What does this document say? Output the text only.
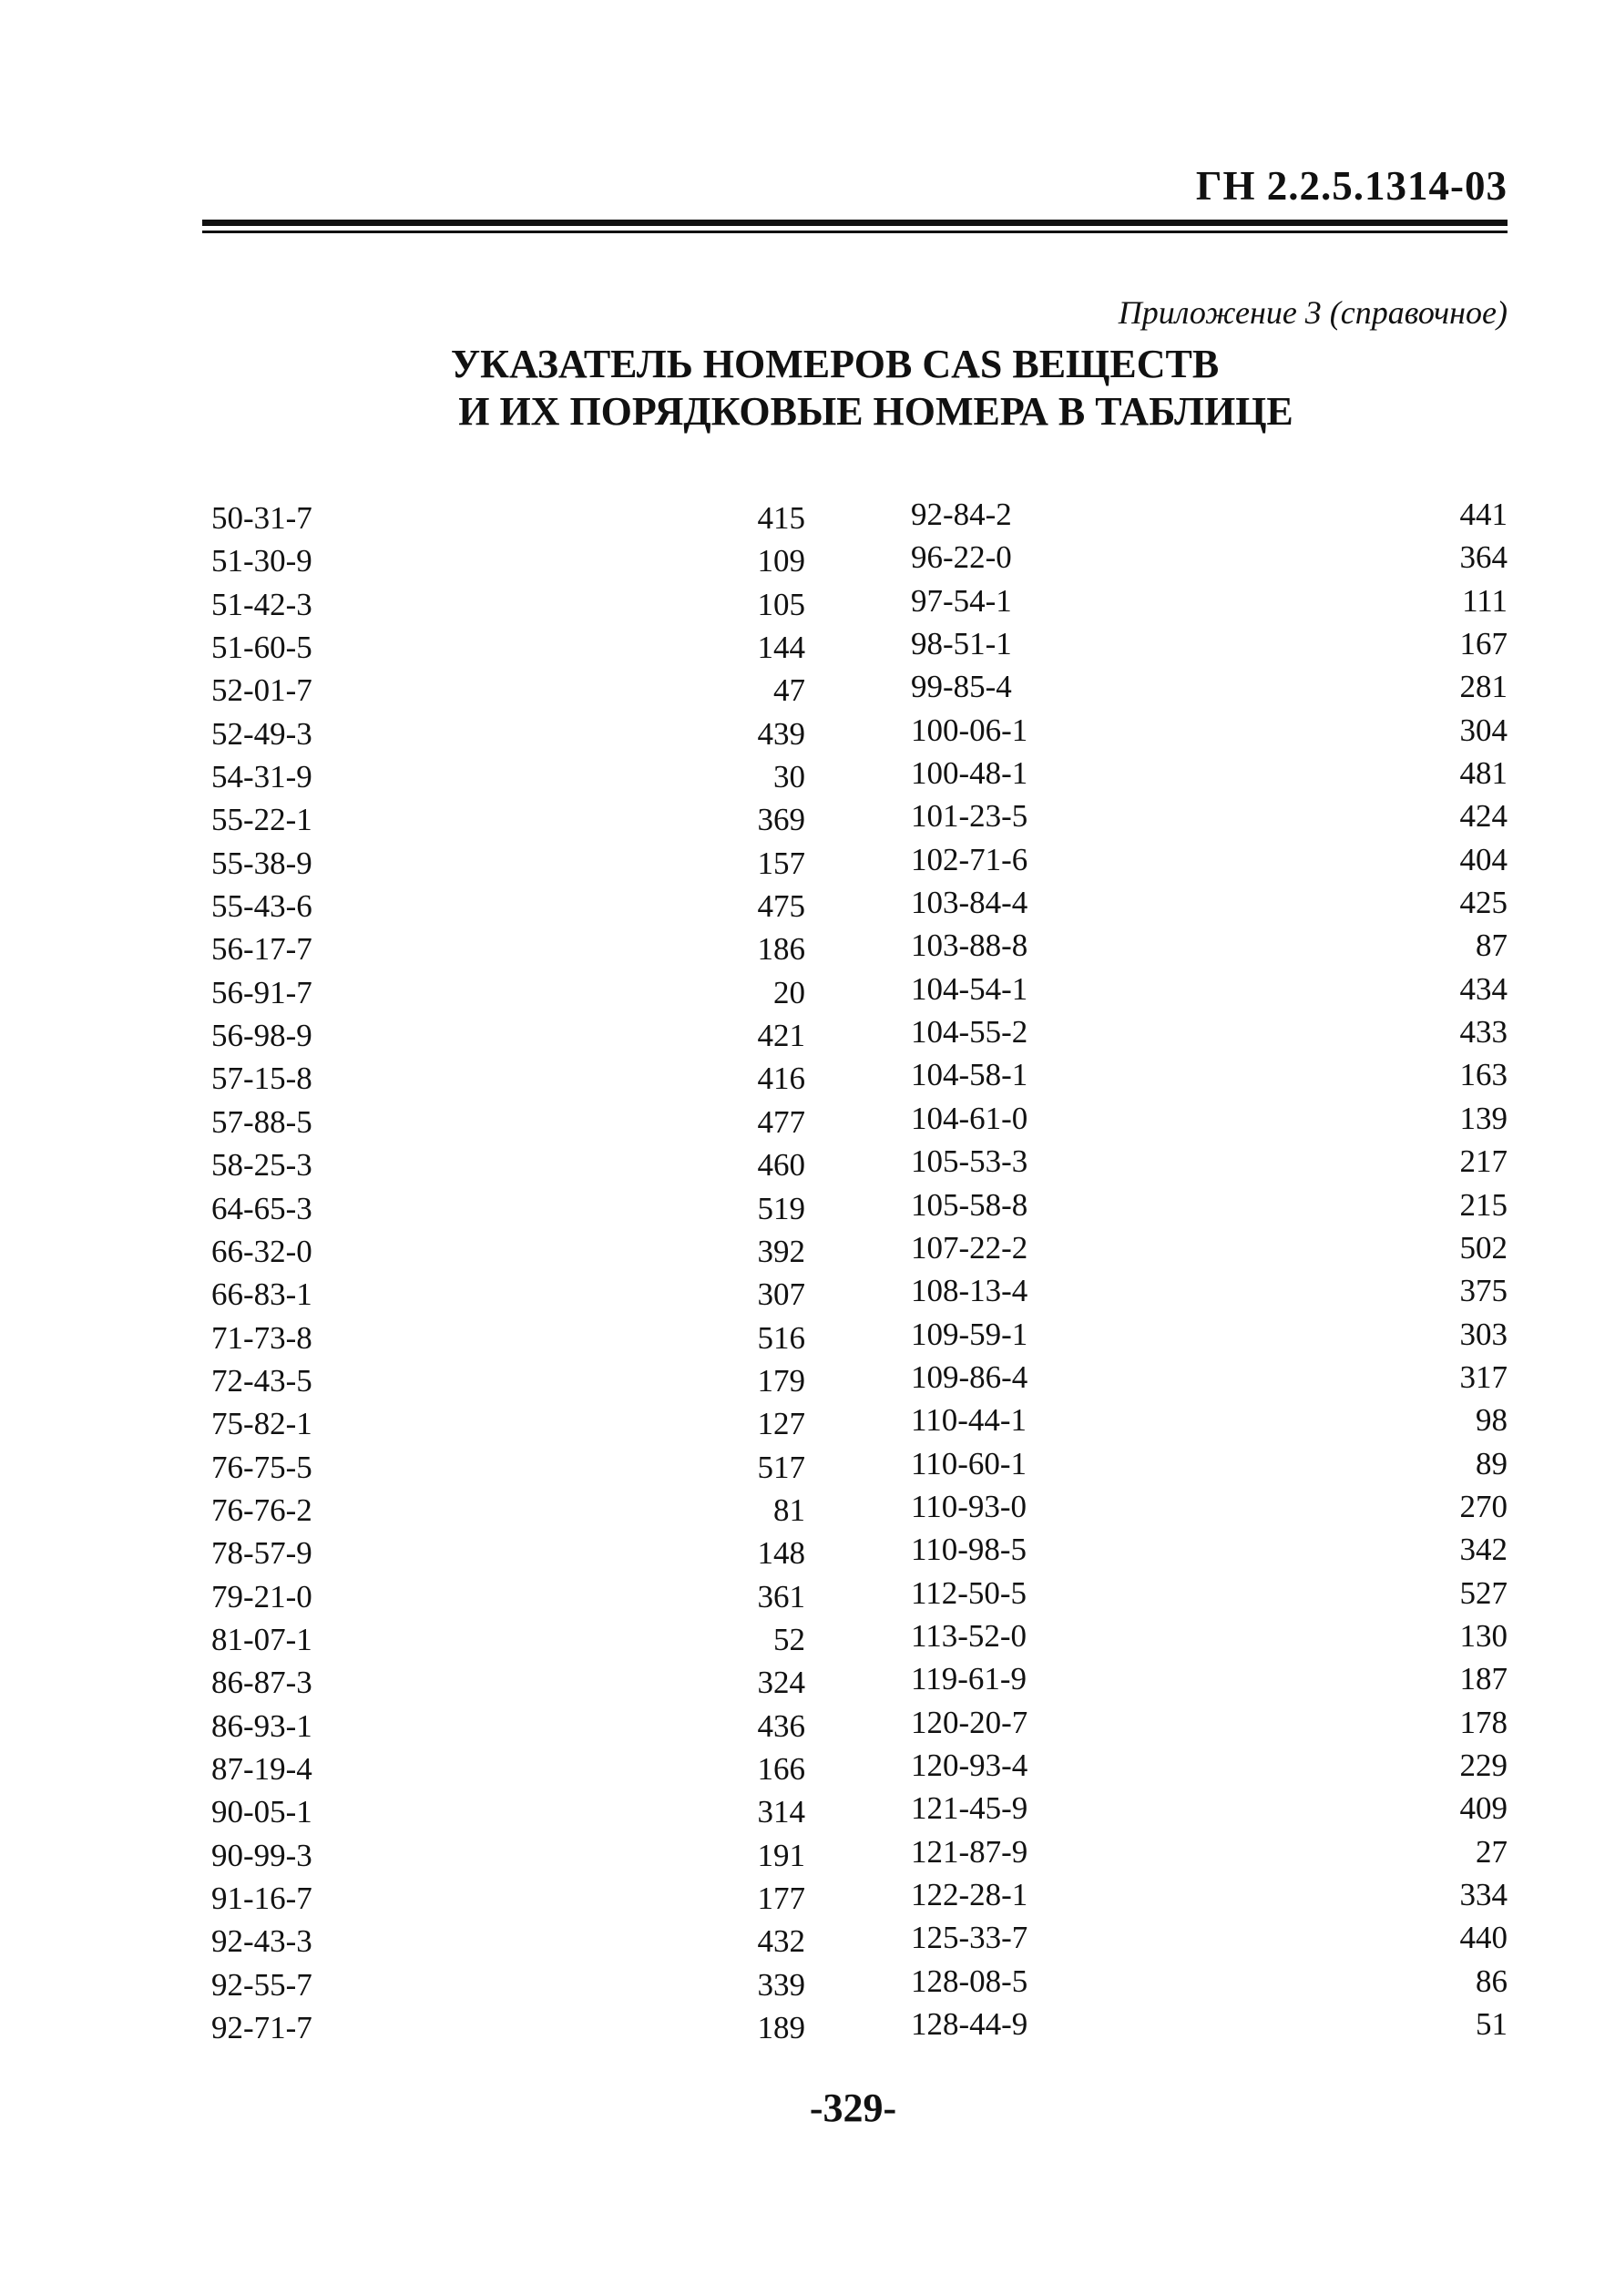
ГН 2.2.5.1314-03
Приложение 3 (справочное)
УКАЗАТЕЛЬ НОМЕРОВ CAS ВЕЩЕСТВ
И ИХ ПОРЯДКОВЫЕ НОМЕРА В ТАБЛИЦЕ
50-31-7	415
51-30-9	109
51-42-3	105
51-60-5	144
52-01-7	47
52-49-3	439
54-31-9	30
55-22-1	369
55-38-9	157
55-43-6	475
56-17-7	186
56-91-7	20
56-98-9	421
57-15-8	416
57-88-5	477
58-25-3	460
64-65-3	519
66-32-0	392
66-83-1	307
71-73-8	516
72-43-5	179
75-82-1	127
76-75-5	517
76-76-2	81
78-57-9	148
79-21-0	361
81-07-1	52
86-87-3	324
86-93-1	436
87-19-4	166
90-05-1	314
90-99-3	191
91-16-7	177
92-43-3	432
92-55-7	339
92-71-7	189
92-84-2	441
96-22-0	364
97-54-1	111
98-51-1	167
99-85-4	281
100-06-1	304
100-48-1	481
101-23-5	424
102-71-6	404
103-84-4	425
103-88-8	87
104-54-1	434
104-55-2	433
104-58-1	163
104-61-0	139
105-53-3	217
105-58-8	215
107-22-2	502
108-13-4	375
109-59-1	303
109-86-4	317
110-44-1	98
110-60-1	89
110-93-0	270
110-98-5	342
112-50-5	527
113-52-0	130
119-61-9	187
120-20-7	178
120-93-4	229
121-45-9	409
121-87-9	27
122-28-1	334
125-33-7	440
128-08-5	86
128-44-9	51
-329-
